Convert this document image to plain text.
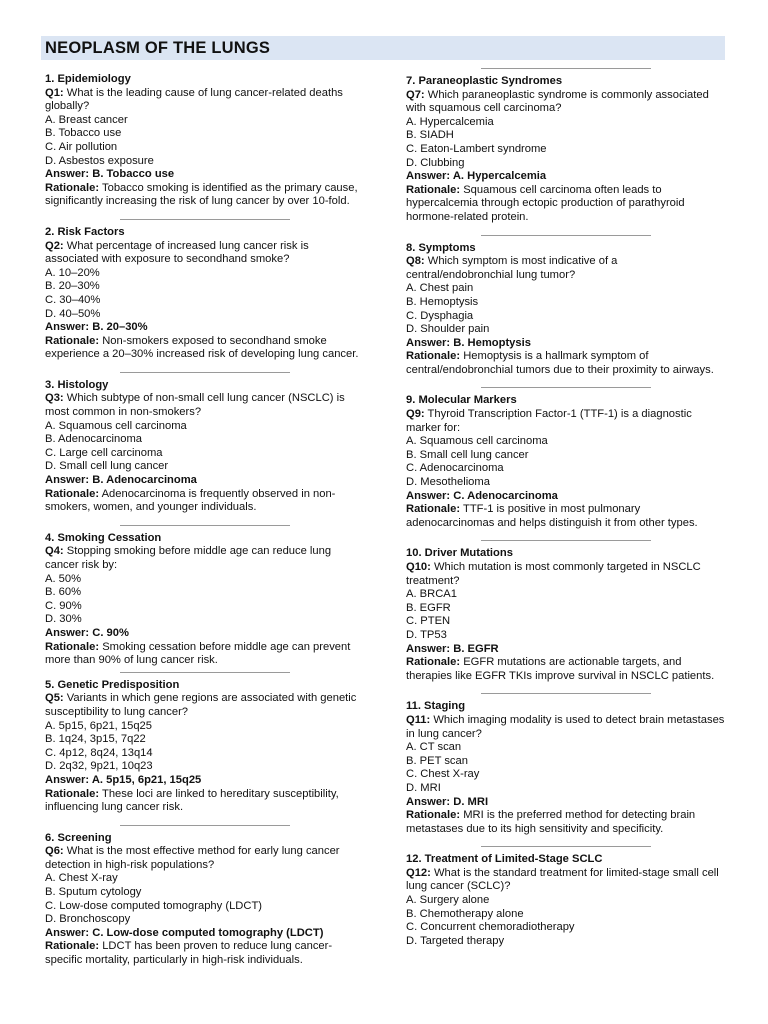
NEOPLASM OF THE LUNGS

1. Epidemiology

Q1: What is the leading cause of lung cancer-related deaths globally?

A. Breast cancer

B. Tobacco use

C. Air pollution

D. Asbestos exposure

Answer: B. Tobacco use

Rationale: Tobacco smoking is identified as the primary cause, significantly increasing the risk of lung cancer by over 10-fold.

2. Risk Factors

Q2: What percentage of increased lung cancer risk is associated with exposure to secondhand smoke?

A. 10–20%

B. 20–30%

C. 30–40%

D. 40–50%

Answer: B. 20–30%

Rationale: Non-smokers exposed to secondhand smoke experience a 20–30% increased risk of developing lung cancer.

3. Histology

Q3: Which subtype of non-small cell lung cancer (NSCLC) is most common in non-smokers?

A. Squamous cell carcinoma

B. Adenocarcinoma

C. Large cell carcinoma

D. Small cell lung cancer

Answer: B. Adenocarcinoma

Rationale: Adenocarcinoma is frequently observed in non-smokers, women, and younger individuals.

4. Smoking Cessation

Q4: Stopping smoking before middle age can reduce lung cancer risk by:

A. 50%

B. 60%

C. 90%

D. 30%

Answer: C. 90%

Rationale: Smoking cessation before middle age can prevent more than 90% of lung cancer risk.

5. Genetic Predisposition

Q5: Variants in which gene regions are associated with genetic susceptibility to lung cancer?

A. 5p15, 6p21, 15q25

B. 1q24, 3p15, 7q22

C. 4p12, 8q24, 13q14

D. 2q32, 9p21, 10q23

Answer: A. 5p15, 6p21, 15q25

Rationale: These loci are linked to hereditary susceptibility, influencing lung cancer risk.

6. Screening

Q6: What is the most effective method for early lung cancer detection in high-risk populations?

A. Chest X-ray

B. Sputum cytology

C. Low-dose computed tomography (LDCT)

D. Bronchoscopy

Answer: C. Low-dose computed tomography (LDCT)

Rationale: LDCT has been proven to reduce lung cancer-specific mortality, particularly in high-risk individuals.

7. Paraneoplastic Syndromes

Q7: Which paraneoplastic syndrome is commonly associated with squamous cell carcinoma?

A. Hypercalcemia

B. SIADH

C. Eaton-Lambert syndrome

D. Clubbing

Answer: A. Hypercalcemia

Rationale: Squamous cell carcinoma often leads to hypercalcemia through ectopic production of parathyroid hormone-related protein.

8. Symptoms

Q8: Which symptom is most indicative of a central/endobronchial lung tumor?

A. Chest pain

B. Hemoptysis

C. Dysphagia

D. Shoulder pain

Answer: B. Hemoptysis

Rationale: Hemoptysis is a hallmark symptom of central/endobronchial tumors due to their proximity to airways.

9. Molecular Markers

Q9: Thyroid Transcription Factor-1 (TTF-1) is a diagnostic marker for:

A. Squamous cell carcinoma

B. Small cell lung cancer

C. Adenocarcinoma

D. Mesothelioma

Answer: C. Adenocarcinoma

Rationale: TTF-1 is positive in most pulmonary adenocarcinomas and helps distinguish it from other types.

10. Driver Mutations

Q10: Which mutation is most commonly targeted in NSCLC treatment?

A. BRCA1

B. EGFR

C. PTEN

D. TP53

Answer: B. EGFR

Rationale: EGFR mutations are actionable targets, and therapies like EGFR TKIs improve survival in NSCLC patients.

11. Staging

Q11: Which imaging modality is used to detect brain metastases in lung cancer?

A. CT scan

B. PET scan

C. Chest X-ray

D. MRI

Answer: D. MRI

Rationale: MRI is the preferred method for detecting brain metastases due to its high sensitivity and specificity.

12. Treatment of Limited-Stage SCLC

Q12: What is the standard treatment for limited-stage small cell lung cancer (SCLC)?

A. Surgery alone

B. Chemotherapy alone

C. Concurrent chemoradiotherapy

D. Targeted therapy
